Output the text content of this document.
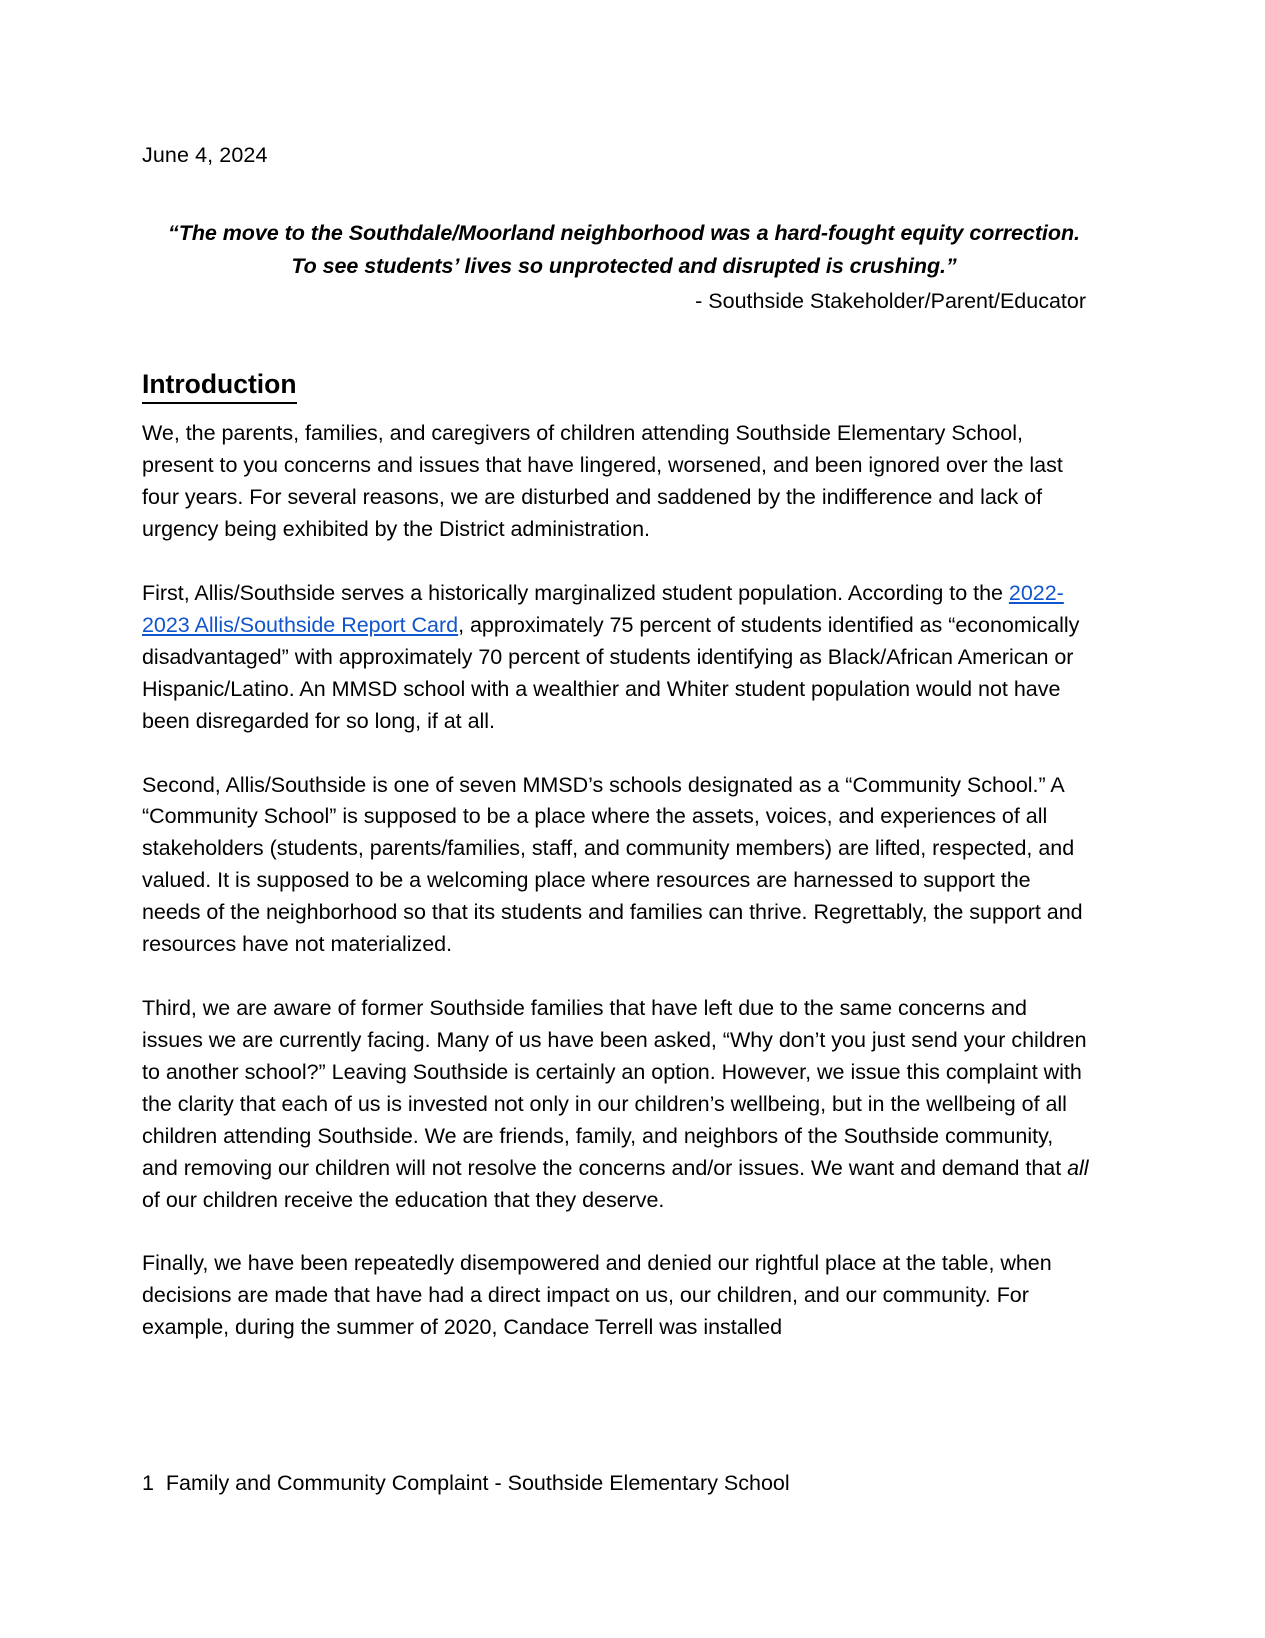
June 4, 2024
“The move to the Southdale/Moorland neighborhood was a hard-fought equity correction. To see students’ lives so unprotected and disrupted is crushing.”
- Southside Stakeholder/Parent/Educator
Introduction

We, the parents, families, and caregivers of children attending Southside Elementary School, present to you concerns and issues that have lingered, worsened, and been ignored over the last four years. For several reasons, we are disturbed and saddened by the indifference and lack of urgency being exhibited by the District administration.

First, Allis/Southside serves a historically marginalized student population. According to the 2022-2023 Allis/Southside Report Card, approximately 75 percent of students identified as “economically disadvantaged” with approximately 70 percent of students identifying as Black/African American or Hispanic/Latino. An MMSD school with a wealthier and Whiter student population would not have been disregarded for so long, if at all.

Second, Allis/Southside is one of seven MMSD’s schools designated as a “Community School.” A “Community School” is supposed to be a place where the assets, voices, and experiences of all stakeholders (students, parents/families, staff, and community members) are lifted, respected, and valued. It is supposed to be a welcoming place where resources are harnessed to support the needs of the neighborhood so that its students and families can thrive. Regrettably, the support and resources have not materialized.

Third, we are aware of former Southside families that have left due to the same concerns and issues we are currently facing. Many of us have been asked, “Why don’t you just send your children to another school?” Leaving Southside is certainly an option. However, we issue this complaint with the clarity that each of us is invested not only in our children’s wellbeing, but in the wellbeing of all children attending Southside. We are friends, family, and neighbors of the Southside community, and removing our children will not resolve the concerns and/or issues. We want and demand that all of our children receive the education that they deserve.

Finally, we have been repeatedly disempowered and denied our rightful place at the table, when decisions are made that have had a direct impact on us, our children, and our community. For example, during the summer of 2020, Candace Terrell was installed

1  Family and Community Complaint - Southside Elementary School
